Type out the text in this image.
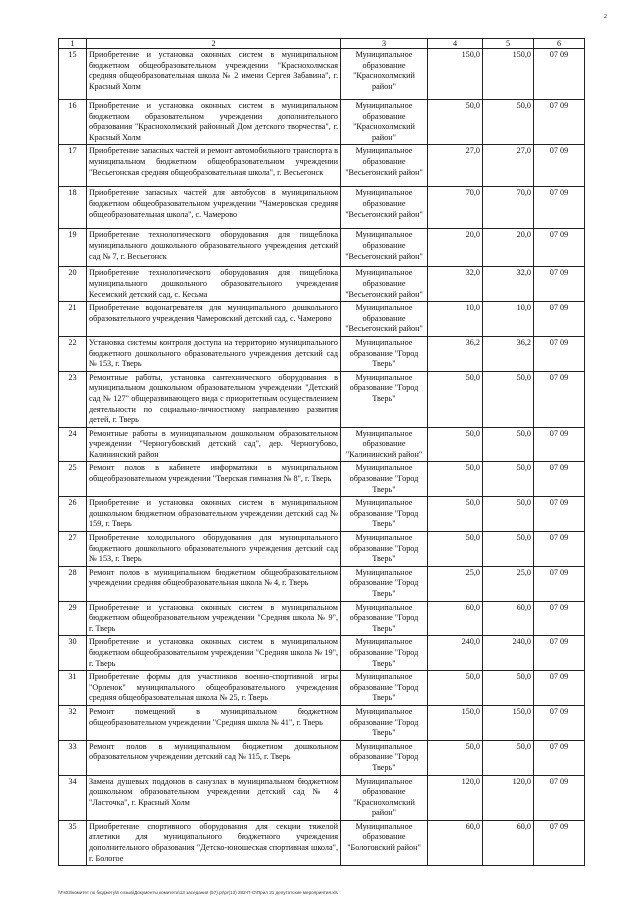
2
1	2	3	4	5	6
15	Приобретение и установка оконных систем в муниципальном бюджетном общеобразовательном учреждении "Краснохолмская средняя общеобразовательная школа № 2 имени Сергея Забавина", г. Красный Холм	Муниципальное образование "Краснохолмский район"	150,0	150,0	07 09
16	Приобретение и установка оконных систем в муниципальном бюджетном образовательном учреждении дополнительного образования "Краснохолмский районный Дом детского творчества", г. Красный Холм	Муниципальное образование "Краснохолмский район"	50,0	50,0	07 09
17	Приобретение запасных частей и ремонт автомобильного транспорта в муниципальном бюджетном общеобразовательном учреждении "Весьегонская средняя общеобразовательная школа", г. Весьегонск	Муниципальное образование "Весьегонский район"	27,0	27,0	07 09
18	Приобретение запасных частей для автобусов в муниципальном бюджетном общеобразовательном учреждении "Чамеровская средняя общеобразовательная школа", с. Чамерово	Муниципальное образование "Весьегонский район"	70,0	70,0	07 09
19	Приобретение технологического оборудования для пищеблока муниципального дошкольного образовательного учреждения детский сад № 7, г. Весьегонск	Муниципальное образование "Весьегонский район"	20,0	20,0	07 09
20	Приобретение технологического оборудования для пищеблока муниципального дошкольного образовательного учреждения Кесемский детский сад, с. Кесьма	Муниципальное образование "Весьегонский район"	32,0	32,0	07 09
21	Приобретение водонагревателя для муниципального дошкольного образовательного учреждения Чамеровский детский сад, с. Чамерово	Муниципальное образование "Весьегонский район"	10,0	10,0	07 09
22	Установка системы контроля доступа на территорию муниципального бюджетного дошкольного образовательного учреждения детский сад № 153, г. Тверь	Муниципальное образование "Город Тверь"	36,2	36,2	07 09
23	Ремонтные работы, установка сантехнического оборудования в муниципальном дошкольном образовательном учреждении "Детский сад № 127" общеразвивающего вида с приоритетным осуществлением деятельности по социально-личностному направлению развития детей, г. Тверь	Муниципальное образование "Город Тверь"	50,0	50,0	07 09
24	Ремонтные работы в муниципальном дошкольном образовательном учреждении "Черногубовский детский сад", дер. Черногубово, Калининский район	Муниципальное образование "Калининский район"	50,0	50,0	07 09
25	Ремонт полов в кабинете информатики в муниципальном общеобразовательном учреждении "Тверская гимназия № 8", г. Тверь	Муниципальное образование "Город Тверь"	50,0	50,0	07 09
26	Приобретение и установка оконных систем в муниципальном дошкольном бюджетном образовательном учреждении детский сад № 159, г. Тверь	Муниципальное образование "Город Тверь"	50,0	50,0	07 09
27	Приобретение холодильного оборудования для муниципального бюджетного дошкольного образовательного учреждения детский сад № 153, г. Тверь	Муниципальное образование "Город Тверь"	50,0	50,0	07 09
28	Ремонт полов в муниципальном бюджетном общеобразовательном учреждении средняя общеобразовательная школа № 4, г. Тверь	Муниципальное образование "Город Тверь"	25,0	25,0	07 09
29	Приобретение и установка оконных систем в муниципальном бюджетном общеобразовательном учреждении "Средняя школа № 9", г. Тверь	Муниципальное образование "Город Тверь"	60,0	60,0	07 09
30	Приобретение и установка оконных систем в муниципальном бюджетном общеобразовательном учреждении "Средняя школа № 19", г. Тверь	Муниципальное образование "Город Тверь"	240,0	240,0	07 09
31	Приобретение формы для участников военно-спортивной игры "Орленок" муниципального общеобразовательного учреждения средняя общеобразовательная школа № 25, г. Тверь	Муниципальное образование "Город Тверь"	50,0	50,0	07 09
32	Ремонт помещений в муниципальном бюджетном общеобразовательном учреждении "Средняя школа № 41", г. Тверь	Муниципальное образование "Город Тверь"	150,0	150,0	07 09
33	Ремонт полов в муниципальном бюджетном дошкольном образовательном учреждении детский сад № 115, г. Тверь	Муниципальное образование "Город Тверь"	50,0	50,0	07 09
34	Замена душевых поддонов в санузлах в муниципальном бюджетном дошкольном образовательном учреждении детский сад № 4 "Ласточка", г. Красный Холм	Муниципальное образование "Краснохолмский район"	120,0	120,0	07 09
35	Приобретение спортивного оборудования для секции тяжелой атлетики для муниципального бюджетного учреждения дополнительного образования "Детско-юношеская спортивная школа", г. Бологое	Муниципальное образование "Бологовский район"	60,0	60,0	07 09
\\Fs03\комитет по бюджету\в созыв\Документы комитета\13 заседания (57).pr\pr(13) 282-П-О\Прил 31 депутатские мероприятия.xls
